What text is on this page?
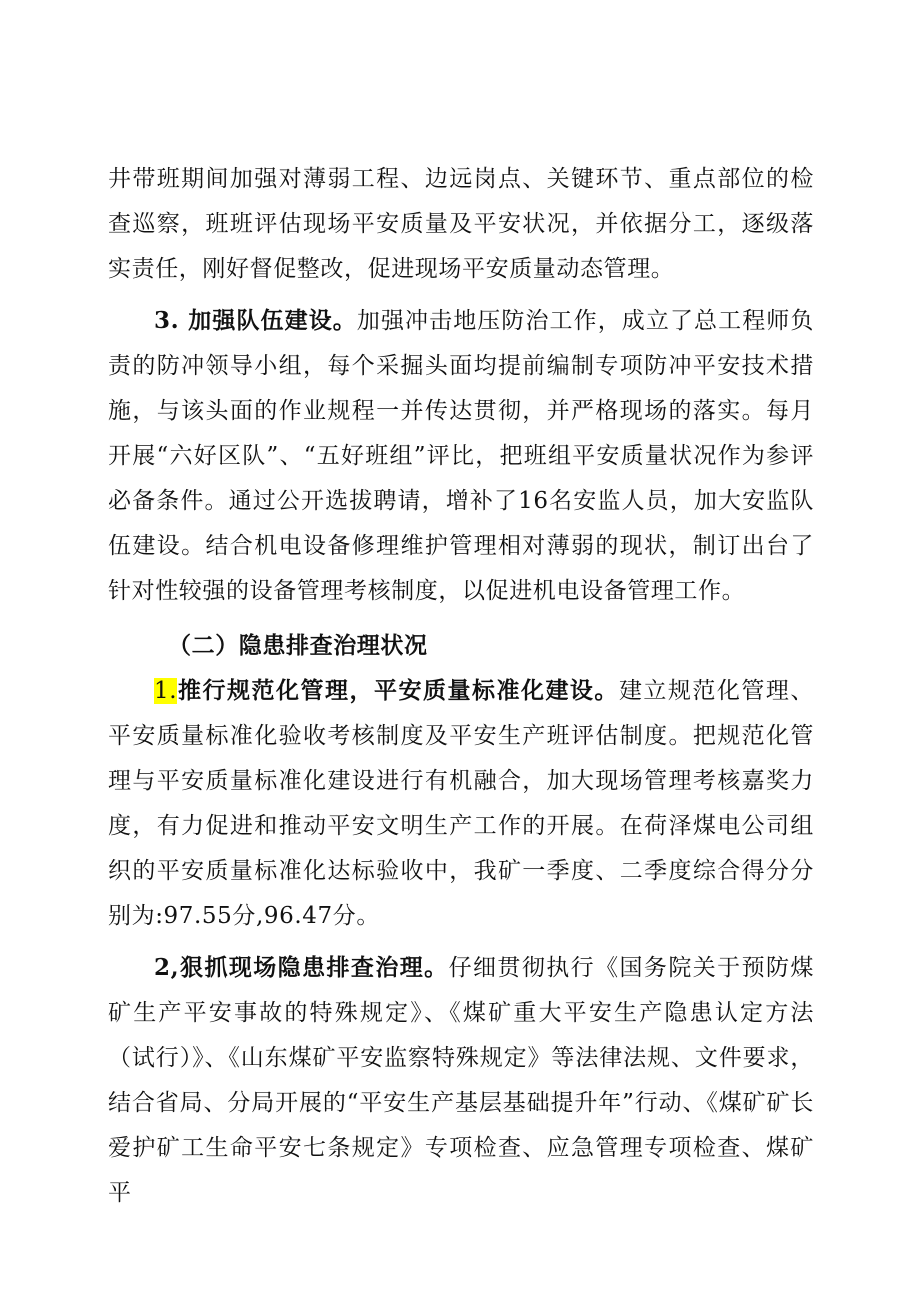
井带班期间加强对薄弱工程、边远岗点、关键环节、重点部位的检查巡察，班班评估现场平安质量及平安状况，并依据分工，逐级落实责任，刚好督促整改，促进现场平安质量动态管理。

3. 加强队伍建设。加强冲击地压防治工作，成立了总工程师负责的防冲领导小组，每个采掘头面均提前编制专项防冲平安技术措施，与该头面的作业规程一并传达贯彻，并严格现场的落实。每月开展“六好区队”、“五好班组”评比，把班组平安质量状况作为参评必备条件。通过公开选拔聘请，增补了16名安监人员，加大安监队伍建设。结合机电设备修理维护管理相对薄弱的现状，制订出台了针对性较强的设备管理考核制度，以促进机电设备管理工作。

（二）隐患排查治理状况

1.推行规范化管理，平安质量标准化建设。建立规范化管理、平安质量标准化验收考核制度及平安生产班评估制度。把规范化管理与平安质量标准化建设进行有机融合，加大现场管理考核嘉奖力度，有力促进和推动平安文明生产工作的开展。在荷泽煤电公司组织的平安质量标准化达标验收中，我矿一季度、二季度综合得分分别为:97.55分,96.47分。

2,狠抓现场隐患排查治理。仔细贯彻执行《国务院关于预防煤矿生产平安事故的特殊规定》、《煤矿重大平安生产隐患认定方法（试行）》、《山东煤矿平安监察特殊规定》等法律法规、文件要求，结合省局、分局开展的“平安生产基层基础提升年”行动、《煤矿矿长爱护矿工生命平安七条规定》专项检查、应急管理专项检查、煤矿平
